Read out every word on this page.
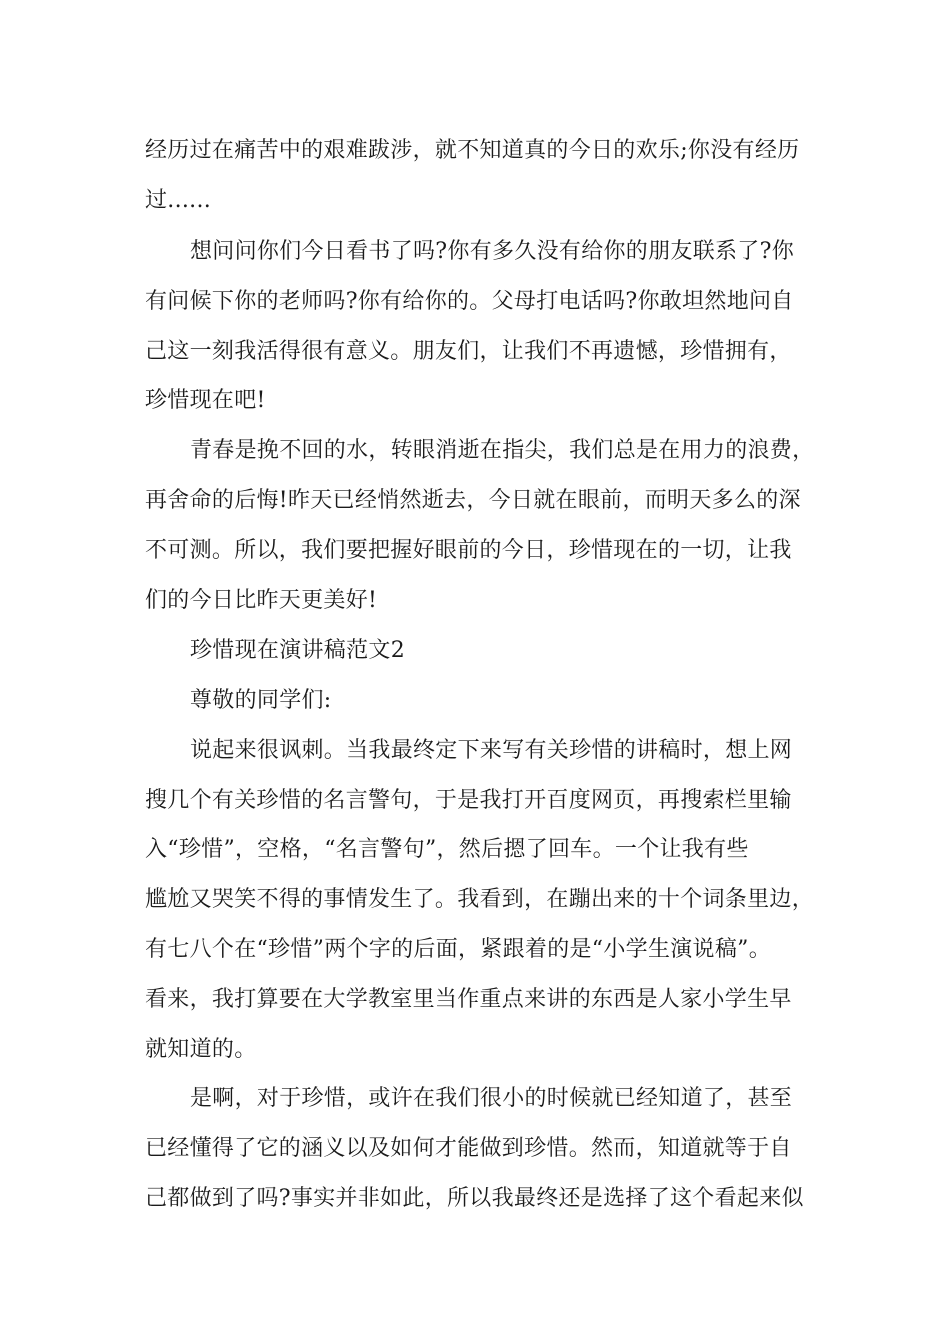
经历过在痛苦中的艰难跋涉，就不知道真的今日的欢乐;你没有经历
过......
想问问你们今日看书了吗?你有多久没有给你的朋友联系了?你
有问候下你的老师吗?你有给你的。父母打电话吗?你敢坦然地问自
己这一刻我活得很有意义。朋友们，让我们不再遗憾，珍惜拥有，
珍惜现在吧!
青春是挽不回的水，转眼消逝在指尖，我们总是在用力的浪费，
再舍命的后悔!昨天已经悄然逝去，今日就在眼前，而明天多么的深
不可测。所以，我们要把握好眼前的今日，珍惜现在的一切，让我
们的今日比昨天更美好!
珍惜现在演讲稿范文2
尊敬的同学们:
说起来很讽刺。当我最终定下来写有关珍惜的讲稿时，想上网
搜几个有关珍惜的名言警句，于是我打开百度网页，再搜索栏里输
入“珍惜”，空格，“名言警句”，然后摁了回车。一个让我有些
尴尬又哭笑不得的事情发生了。我看到，在蹦出来的十个词条里边，
有七八个在“珍惜”两个字的后面，紧跟着的是“小学生演说稿”。
看来，我打算要在大学教室里当作重点来讲的东西是人家小学生早
就知道的。
是啊，对于珍惜，或许在我们很小的时候就已经知道了，甚至
已经懂得了它的涵义以及如何才能做到珍惜。然而，知道就等于自
己都做到了吗?事实并非如此，所以我最终还是选择了这个看起来似
